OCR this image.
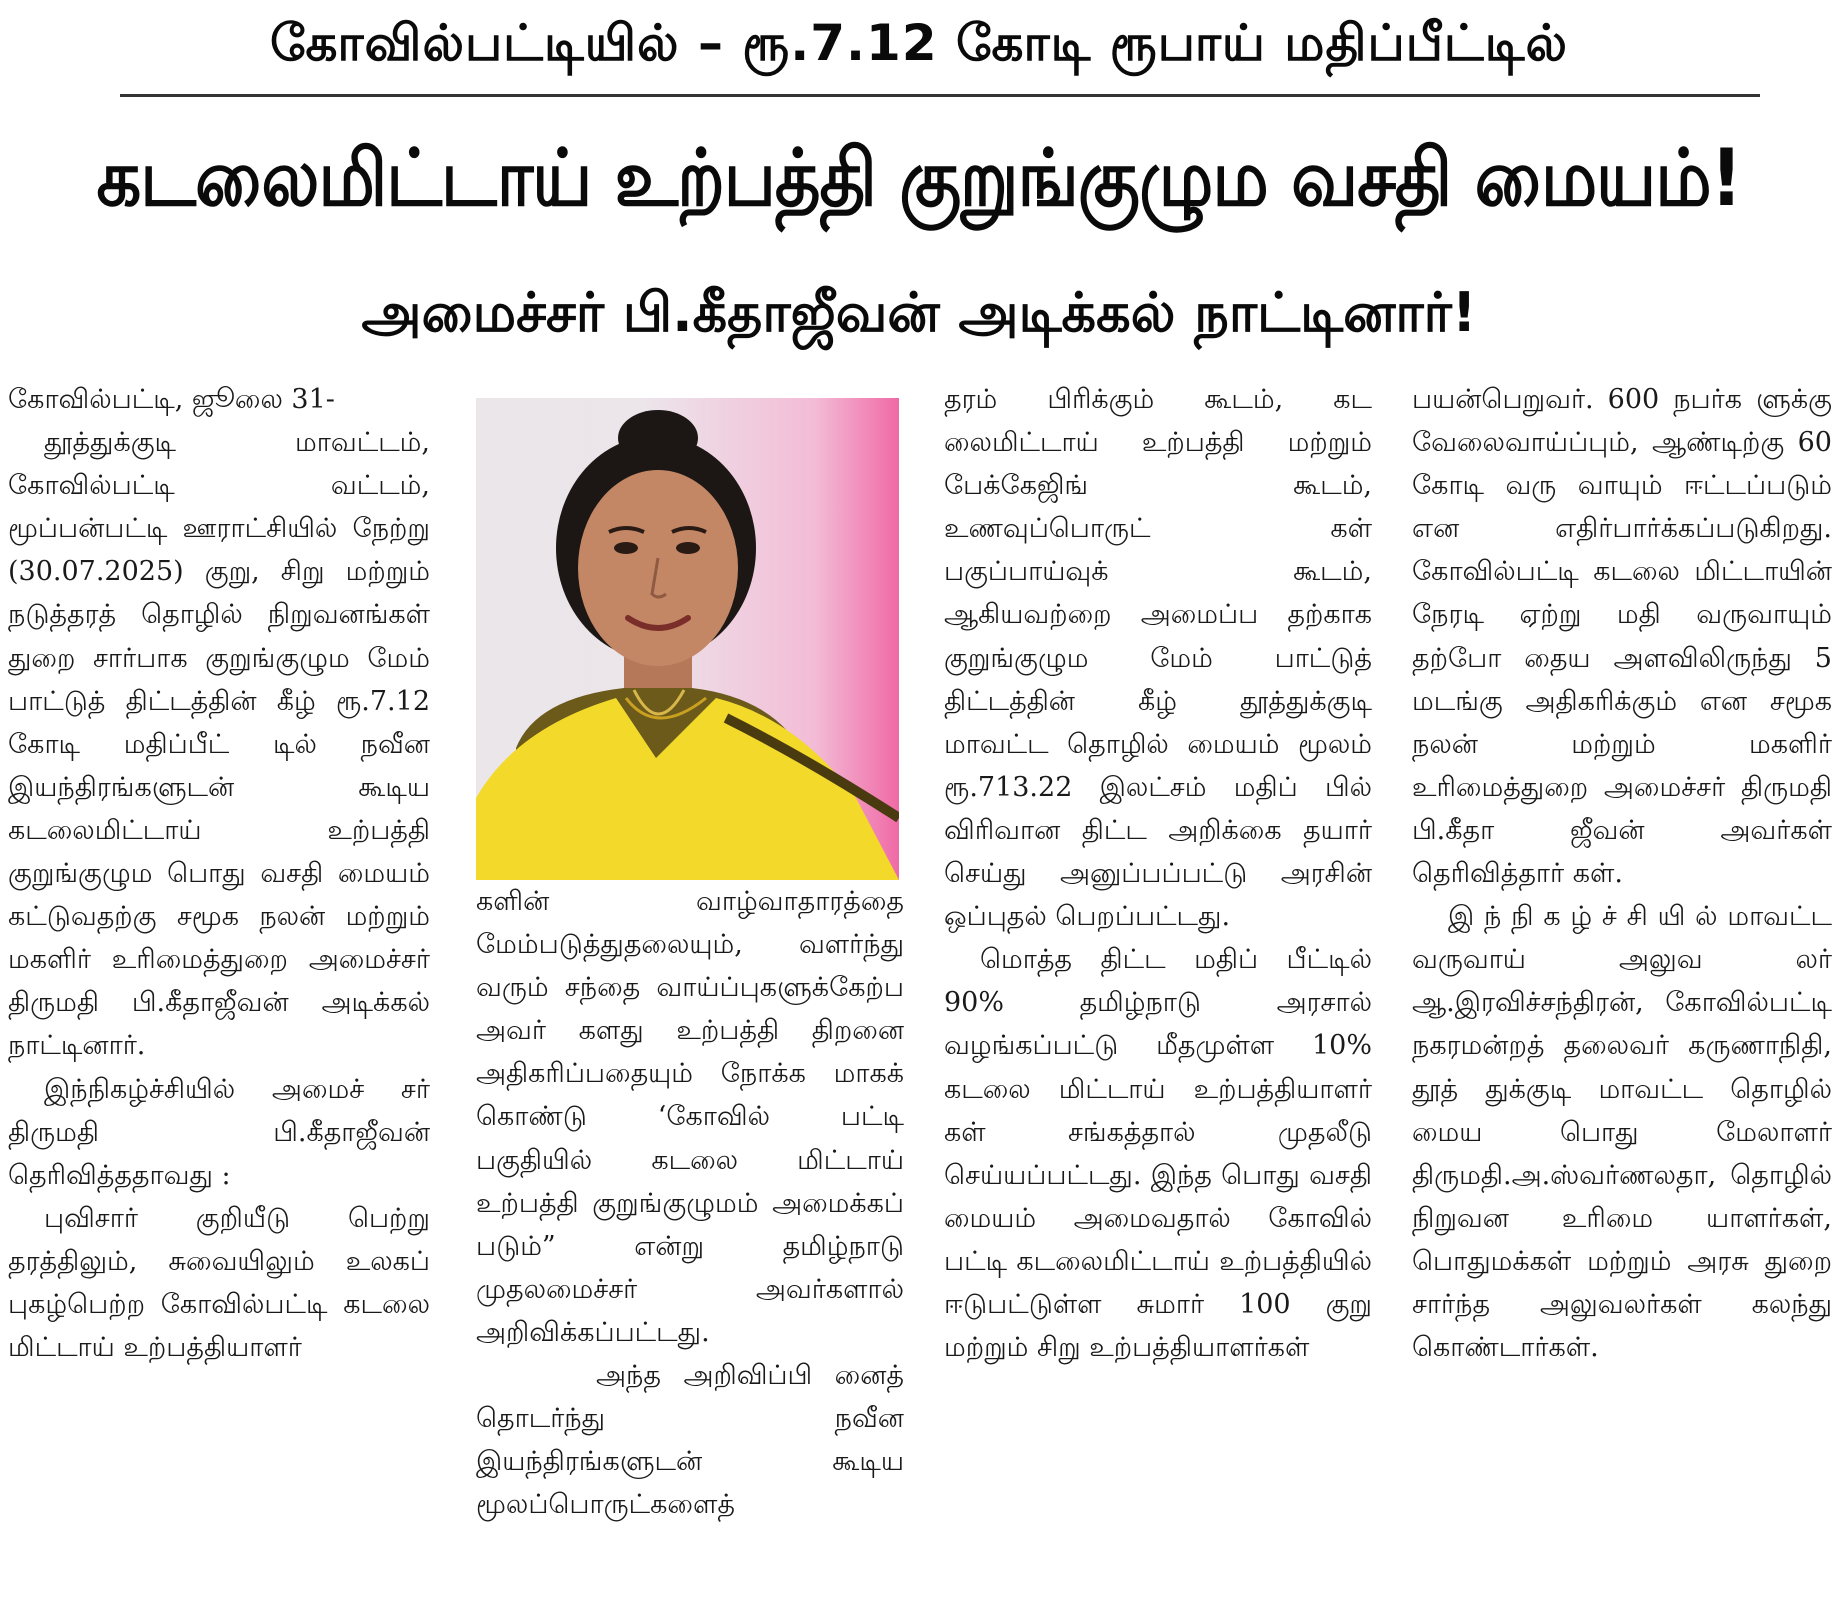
கோவில்பட்டியில் – ரூ.7.12 கோடி ரூபாய் மதிப்பீட்டில்
கடலைமிட்டாய் உற்பத்தி குறுங்குழும வசதி மையம்!
அமைச்சர் பி.கீதாஜீவன் அடிக்கல் நாட்டினார்!

கோவில்பட்டி, ஜூலை 31-

தூத்துக்குடி மாவட்டம், கோவில்பட்டி வட்டம், மூப்பன்பட்டி ஊராட்சியில் நேற்று (30.07.2025) குறு, சிறு மற்றும் நடுத்தரத் தொழில் நிறுவனங்கள் துறை சார்பாக குறுங்குழும மேம் பாட்டுத் திட்டத்தின் கீழ் ரூ.7.12 கோடி மதிப்பீட் டில் நவீன இயந்திரங்களுடன் கூடிய கடலைமிட்டாய் உற்பத்தி குறுங்குழும பொது வசதி மையம் கட்டுவதற்கு சமூக நலன் மற்றும் மகளிர் உரிமைத்துறை அமைச்சர் திருமதி பி.கீதாஜீவன் அடிக்கல் நாட்டினார்.

இந்நிகழ்ச்சியில் அமைச் சர் திருமதி பி.கீதாஜீவன் தெரிவித்ததாவது :

புவிசார் குறியீடு பெற்று தரத்திலும், சுவையிலும் உலகப் புகழ்பெற்ற கோவில்பட்டி கடலை மிட்டாய் உற்பத்தியாளர்

களின் வாழ்வாதாரத்தை மேம்படுத்துதலையும், வளர்ந்து வரும் சந்தை வாய்ப்புகளுக்கேற்ப அவர் களது உற்பத்தி திறனை அதிகரிப்பதையும் நோக்க மாகக் கொண்டு ‘கோவில் பட்டி பகுதியில் கடலை மிட்டாய் உற்பத்தி குறுங்குழுமம் அமைக்கப் படும்” என்று தமிழ்நாடு முதலமைச்சர் அவர்களால் அறிவிக்கப்பட்டது.

அந்த அறிவிப்பி னைத் தொடர்ந்து நவீன இயந்திரங்களுடன் கூடிய மூலப்பொருட்களைத்

தரம் பிரிக்கும் கூடம், கட லைமிட்டாய் உற்பத்தி மற்றும் பேக்கேஜிங் கூடம், உணவுப்பொருட் கள் பகுப்பாய்வுக் கூடம், ஆகியவற்றை அமைப்ப தற்காக குறுங்குழும மேம் பாட்டுத் திட்டத்தின் கீழ் தூத்துக்குடி மாவட்ட தொழில் மையம் மூலம் ரூ.713.22 இலட்சம் மதிப் பில் விரிவான திட்ட அறிக்கை தயார் செய்து அனுப்பப்பட்டு அரசின் ஒப்புதல் பெறப்பட்டது.

மொத்த திட்ட மதிப் பீட்டில் 90% தமிழ்நாடு அரசால் வழங்கப்பட்டு மீதமுள்ள 10% கடலை மிட்டாய் உற்பத்தியாளர் கள் சங்கத்தால் முதலீடு செய்யப்பட்டது. இந்த பொது வசதி மையம் அமைவதால் கோவில் பட்டி கடலைமிட்டாய் உற்பத்தியில் ஈடுபட்டுள்ள சுமார் 100 குறு மற்றும் சிறு உற்பத்தியாளர்கள்

பயன்பெறுவர். 600 நபர்க ளுக்கு வேலைவாய்ப்பும், ஆண்டிற்கு 60 கோடி வரு வாயும் ஈட்டப்படும் என எதிர்பார்க்கப்படுகிறது. கோவில்பட்டி கடலை மிட்டாயின் நேரடி ஏற்று மதி வருவாயும் தற்போ தைய அளவிலிருந்து 5 மடங்கு அதிகரிக்கும் என சமூக நலன் மற்றும் மகளிர் உரிமைத்துறை அமைச்சர் திருமதி பி.கீதா ஜீவன் அவர்கள் தெரிவித்தார் கள்.

இ ந் நி க ழ் ச் சி யி ல் மாவட்ட வருவாய் அலுவ லர் ஆ.இரவிச்சந்திரன், கோவில்பட்டி நகரமன்றத் தலைவர் கருணாநிதி, தூத் துக்குடி மாவட்ட தொழில் மைய பொது மேலாளர் திருமதி.அ.ஸ்வர்ணலதா, தொழில் நிறுவன உரிமை யாளர்கள், பொதுமக்கள் மற்றும் அரசு துறை சார்ந்த அலுவலர்கள் கலந்து கொண்டார்கள்.
